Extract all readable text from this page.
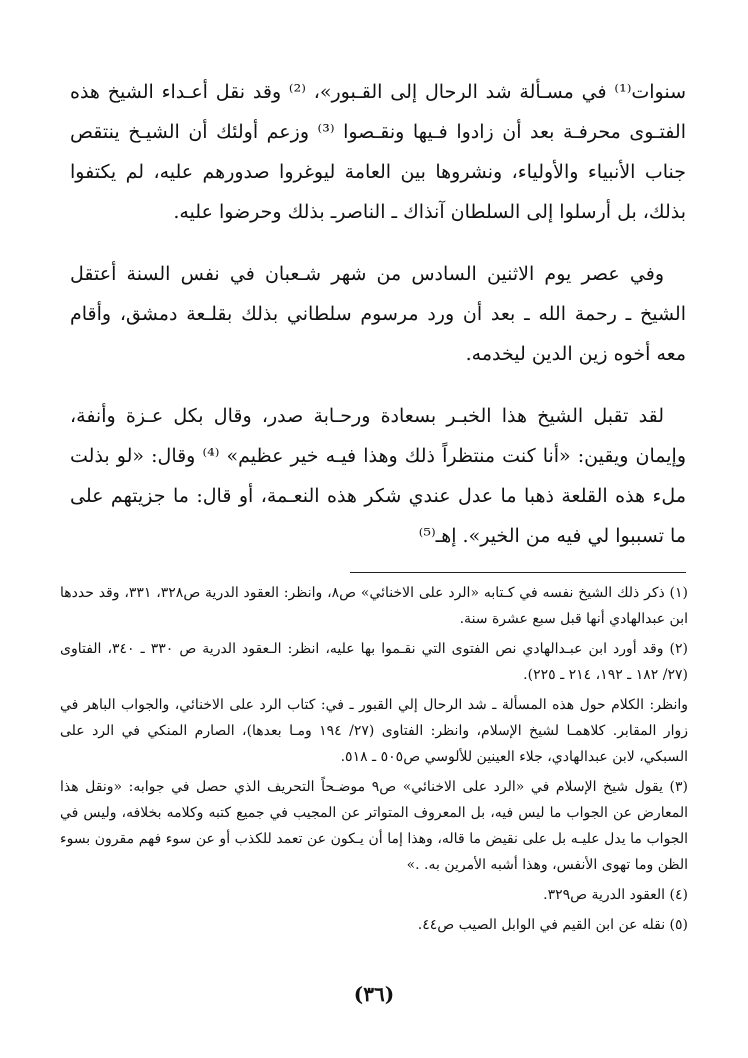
سنوات⁽¹⁾ في مسـألة شد الرحال إلى القـبور»، ⁽²⁾ وقد نقل أعـداء الشيخ هذه الفتـوى محرفـة بعد أن زادوا فـيها ونقـصوا ⁽³⁾ وزعم أولئك أن الشيـخ ينتقص جناب الأنبياء والأولياء، ونشروها بين العامة ليوغروا صدورهم عليه، لم يكتفوا بذلك، بل أرسلوا إلى السلطان آنذاك ـ الناصرـ بذلك وحرضوا عليه.

وفي عصر يوم الاثنين السادس من شهر شـعبان في نفس السنة أعتقل الشيخ ـ رحمة الله ـ بعد أن ورد مرسوم سلطاني بذلك بقلـعة دمشق، وأقام معه أخوه زين الدين ليخدمه.

لقد تقبل الشيخ هذا الخبـر بسعادة ورحـابة صدر، وقال بكل عـزة وأنفة، وإيمان ويقين: «أنا كنت منتظراً ذلك وهذا فيـه خير عظيم» ⁽⁴⁾ وقال: «لو بذلت ملء هذه القلعة ذهبا ما عدل عندي شكر هذه النعـمة، أو قال: ما جزيتهم على ما تسببوا لي فيه من الخير». إهـ⁽⁵⁾

(١) ذكر ذلك الشيخ نفسه في كـتابه «الرد على الاخنائي» ص٨، وانظر: العقود الدرية ص٣٢٨، ٣٣١، وقد حددها ابن عبدالهادي أنها قبل سبع عشرة سنة.

(٢) وقد أورد ابن عبـدالهادي نص الفتوى التي نقـموا بها عليه، انظر: الـعقود الدرية ص ٣٣٠ ـ ٣٤٠، الفتاوى (٢٧/ ١٨٢ ـ ١٩٢، ٢١٤ ـ ٢٢٥).

وانظر: الكلام حول هذه المسألة ـ شد الرحال إلي القبور ـ في: كتاب الرد على الاخنائي، والجواب الباهر في زوار المقابر. كلاهمـا لشيخ الإسلام، وانظر: الفتاوى (٢٧/ ١٩٤ ومـا بعدها)، الصارم المنكي في الرد على السبكي، لابن عبدالهادي، جلاء العينين للألوسي ص٥٠٥ ـ ٥١٨.

(٣) يقول شيخ الإسلام في «الرد على الاخنائي» ص٩ موضـحاً التحريف الذي حصل في جوابه: «ونقل هذا المعارض عن الجواب ما ليس فيه، بل المعروف المتواتر عن المجيب في جميع كتبه وكلامه بخلافه، وليس في الجواب ما يدل عليـه بل على نقيض ما قاله، وهذا إما أن يـكون عن تعمد للكذب أو عن سوء فهم مقرون بسوء الظن وما تهوى الأنفس، وهذا أشبه الأمرين به. .»

(٤) العقود الدرية ص٣٢٩.

(٥) نقله عن ابن القيم في الوابل الصيب ص٤٤.

(٣٦)
